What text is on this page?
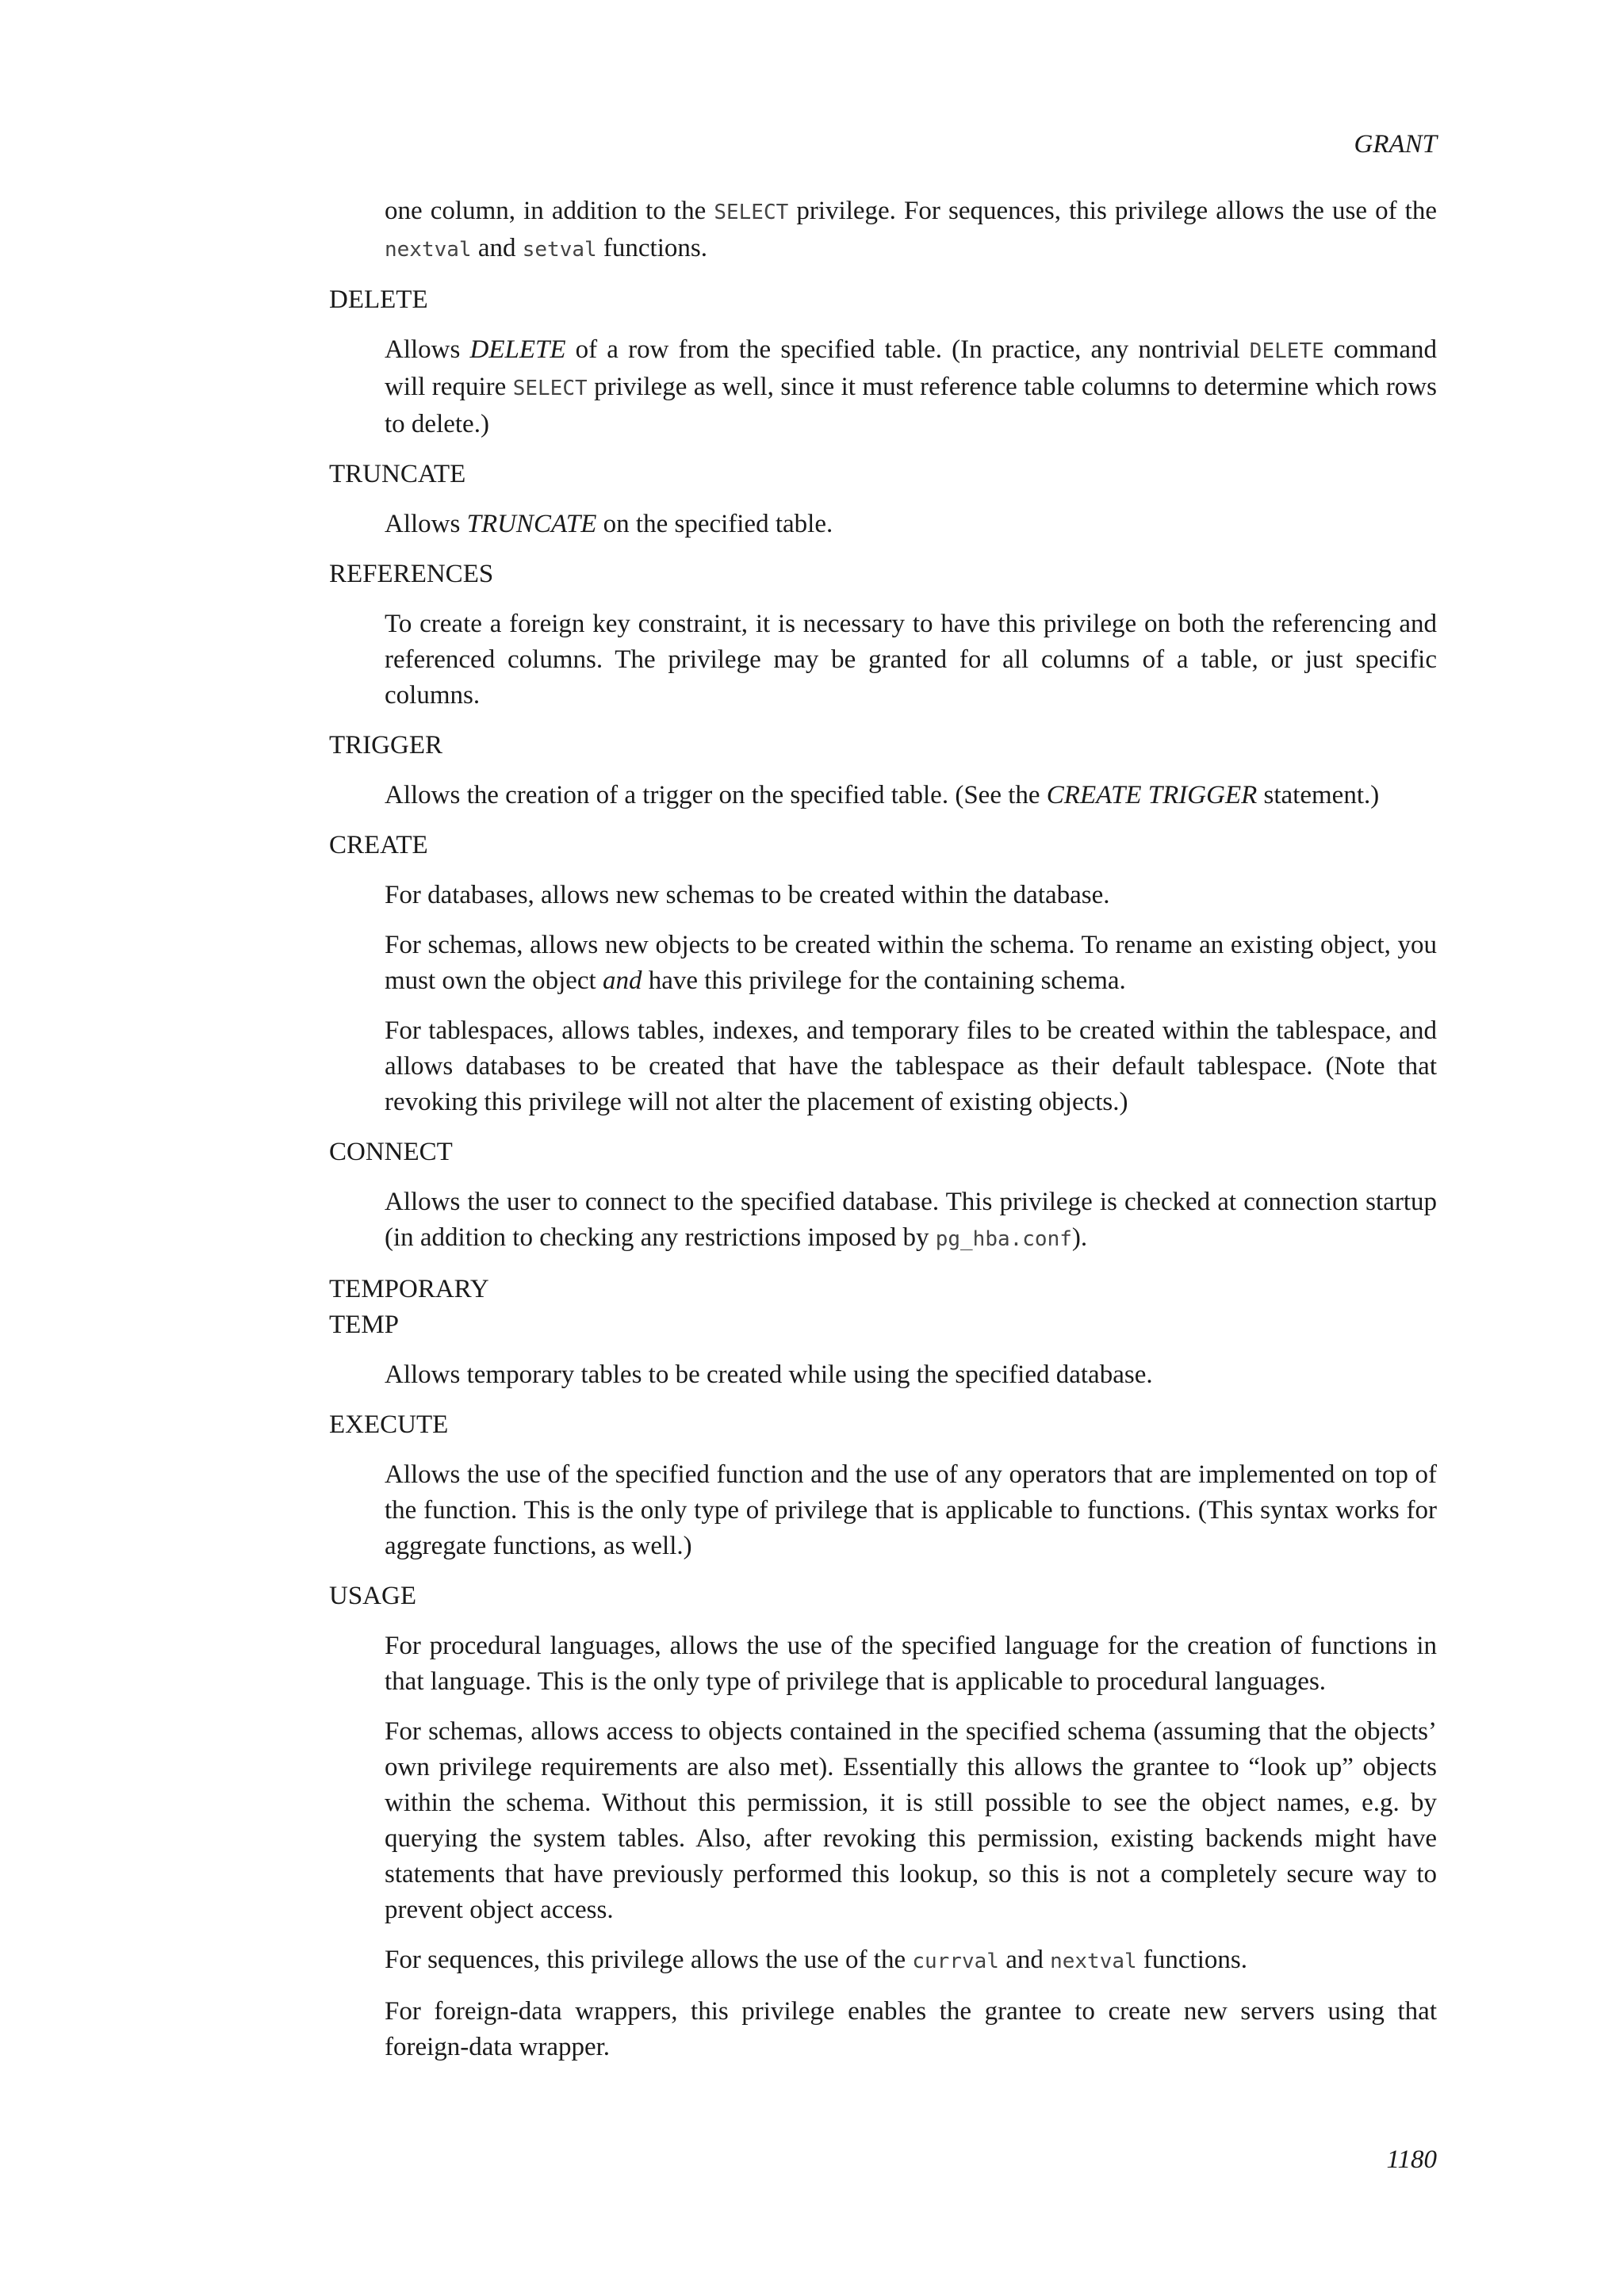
GRANT

one column, in addition to the SELECT privilege. For sequences, this privilege allows the use of the nextval and setval functions.

DELETE

Allows DELETE of a row from the specified table. (In practice, any nontrivial DELETE command will require SELECT privilege as well, since it must reference table columns to determine which rows to delete.)

TRUNCATE

Allows TRUNCATE on the specified table.

REFERENCES

To create a foreign key constraint, it is necessary to have this privilege on both the referencing and referenced columns. The privilege may be granted for all columns of a table, or just specific columns.

TRIGGER

Allows the creation of a trigger on the specified table. (See the CREATE TRIGGER statement.)

CREATE

For databases, allows new schemas to be created within the database.

For schemas, allows new objects to be created within the schema. To rename an existing object, you must own the object and have this privilege for the containing schema.

For tablespaces, allows tables, indexes, and temporary files to be created within the tablespace, and allows databases to be created that have the tablespace as their default tablespace. (Note that revoking this privilege will not alter the placement of existing objects.)

CONNECT

Allows the user to connect to the specified database. This privilege is checked at connection startup (in addition to checking any restrictions imposed by pg_hba.conf).

TEMPORARY

TEMP

Allows temporary tables to be created while using the specified database.

EXECUTE

Allows the use of the specified function and the use of any operators that are implemented on top of the function. This is the only type of privilege that is applicable to functions. (This syntax works for aggregate functions, as well.)

USAGE

For procedural languages, allows the use of the specified language for the creation of functions in that language. This is the only type of privilege that is applicable to procedural languages.

For schemas, allows access to objects contained in the specified schema (assuming that the objects’ own privilege requirements are also met). Essentially this allows the grantee to “look up” objects within the schema. Without this permission, it is still possible to see the object names, e.g. by querying the system tables. Also, after revoking this permission, existing backends might have statements that have previously performed this lookup, so this is not a completely secure way to prevent object access.

For sequences, this privilege allows the use of the currval and nextval functions.

For foreign-data wrappers, this privilege enables the grantee to create new servers using that foreign-data wrapper.

1180
